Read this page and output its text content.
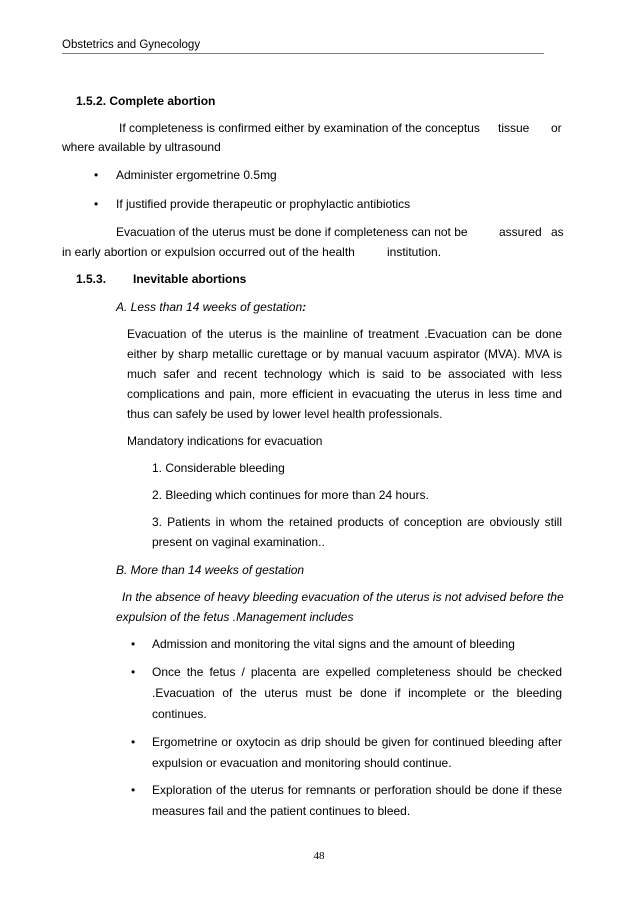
Obstetrics and Gynecology
1.5.2. Complete abortion
If completeness is confirmed either by examination of the conceptus tissue or
where available by ultrasound
• Administer ergometrine 0.5mg
• If justified provide therapeutic or prophylactic antibiotics
Evacuation of the uterus must be done if completeness can not be	assured as
in early abortion or expulsion occurred out of the health	institution.
1.5.3. Inevitable abortions
A. Less than 14 weeks of gestation:
Evacuation of the uterus is the mainline of treatment .Evacuation can be done
either by sharp metallic curettage or by manual vacuum aspirator (MVA). MVA is
much safer and recent technology which is said to be associated with less
complications and pain, more efficient in evacuating the uterus in less time and
thus can safely be used by lower level health professionals.
Mandatory indications for evacuation
1. Considerable bleeding
2. Bleeding which continues for more than 24 hours.
3. Patients in whom the retained products of conception are obviously still
present on vaginal examination..
B. More than 14 weeks of gestation
In the absence of heavy bleeding evacuation of the uterus is not advised before the
expulsion of the fetus .Management includes
• Admission and monitoring the vital signs and the amount of bleeding
• Once the fetus / placenta are expelled completeness should be checked
.Evacuation of the uterus must be done if incomplete or the bleeding
continues.
• Ergometrine or oxytocin as drip should be given for continued bleeding after
expulsion or evacuation and monitoring should continue.
• Exploration of the uterus for remnants or perforation should be done if these
measures fail and the patient continues to bleed.
48
